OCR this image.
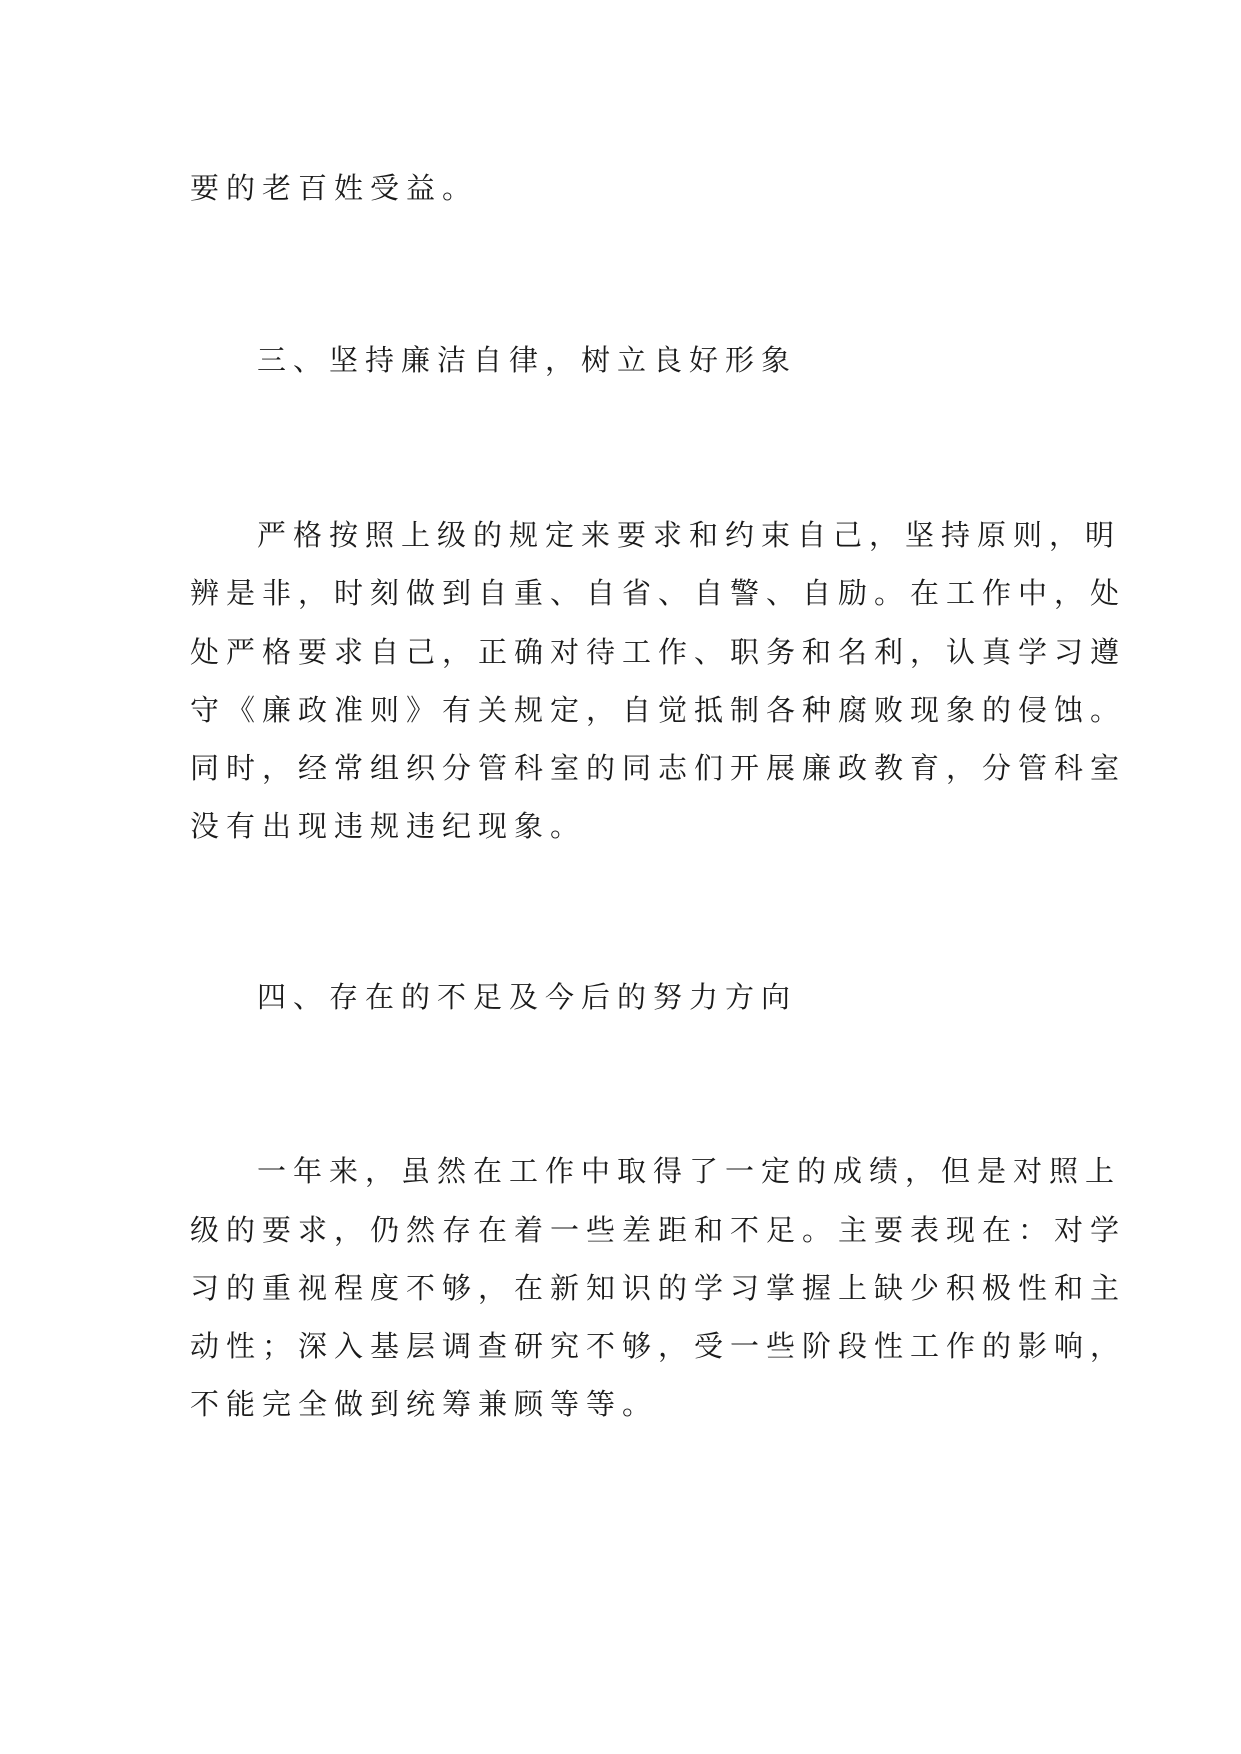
要的老百姓受益。
三、坚持廉洁自律，树立良好形象
严格按照上级的规定来要求和约束自己，坚持原则，明
辨是非，时刻做到自重、自省、自警、自励。在工作中，处
处严格要求自己，正确对待工作、职务和名利，认真学习遵
守《廉政准则》有关规定，自觉抵制各种腐败现象的侵蚀。
同时，经常组织分管科室的同志们开展廉政教育，分管科室
没有出现违规违纪现象。
四、存在的不足及今后的努力方向
一年来，虽然在工作中取得了一定的成绩，但是对照上
级的要求，仍然存在着一些差距和不足。主要表现在：对学
习的重视程度不够，在新知识的学习掌握上缺少积极性和主
动性；深入基层调查研究不够，受一些阶段性工作的影响，
不能完全做到统筹兼顾等等。
